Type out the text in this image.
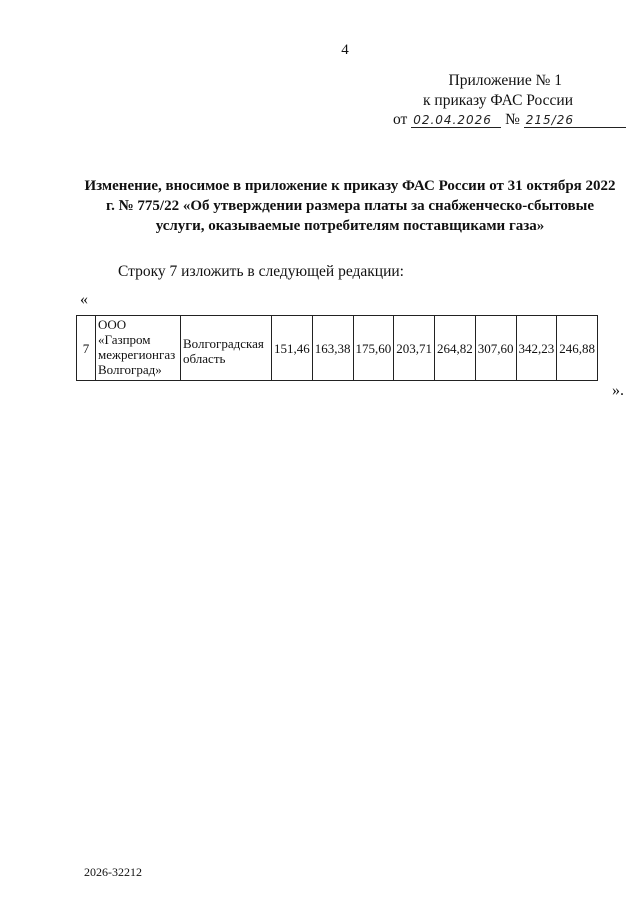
4
Приложение № 1
к приказу ФАС России
от 02.04.2026 № 215/26
Изменение, вносимое в приложение к приказу ФАС России от 31 октября 2022 г. № 775/22 «Об утверждении размера платы за снабженческо-сбытовые услуги, оказываемые потребителям поставщиками газа»
Строку 7 изложить в следующей редакции:
«
7	ООО «Газпром межрегионгаз Волгоград»	Волгоградская область	151,46	163,38	175,60	203,71	264,82	307,60	342,23	246,88
».
2026-32212
